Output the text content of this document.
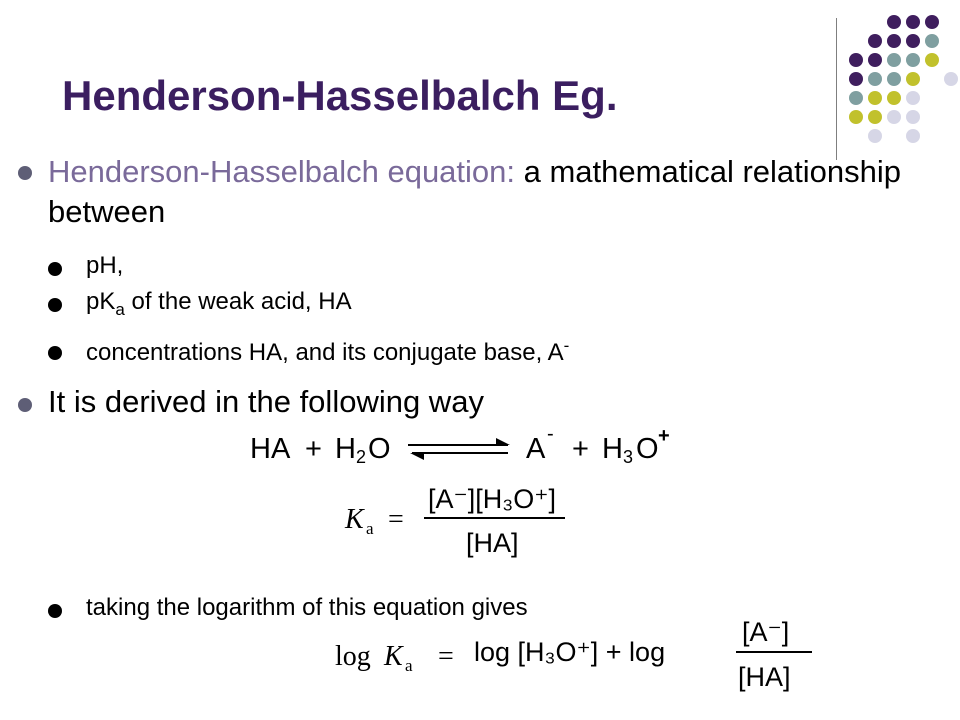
Henderson-Hasselbalch Eg.
Henderson-Hasselbalch equation: a mathematical relationship between
pH,
$pK_a$ of the weak acid, HA
concentrations HA, and its conjugate base, A-
It is derived in the following way
HA + H 2 O	A - + H 3 O +
K a =
[A⁻][H₃O⁺]
[HA]
log K a = log [H₃O⁺] + log
[A⁻]
[HA]
taking the logarithm of this equation gives
